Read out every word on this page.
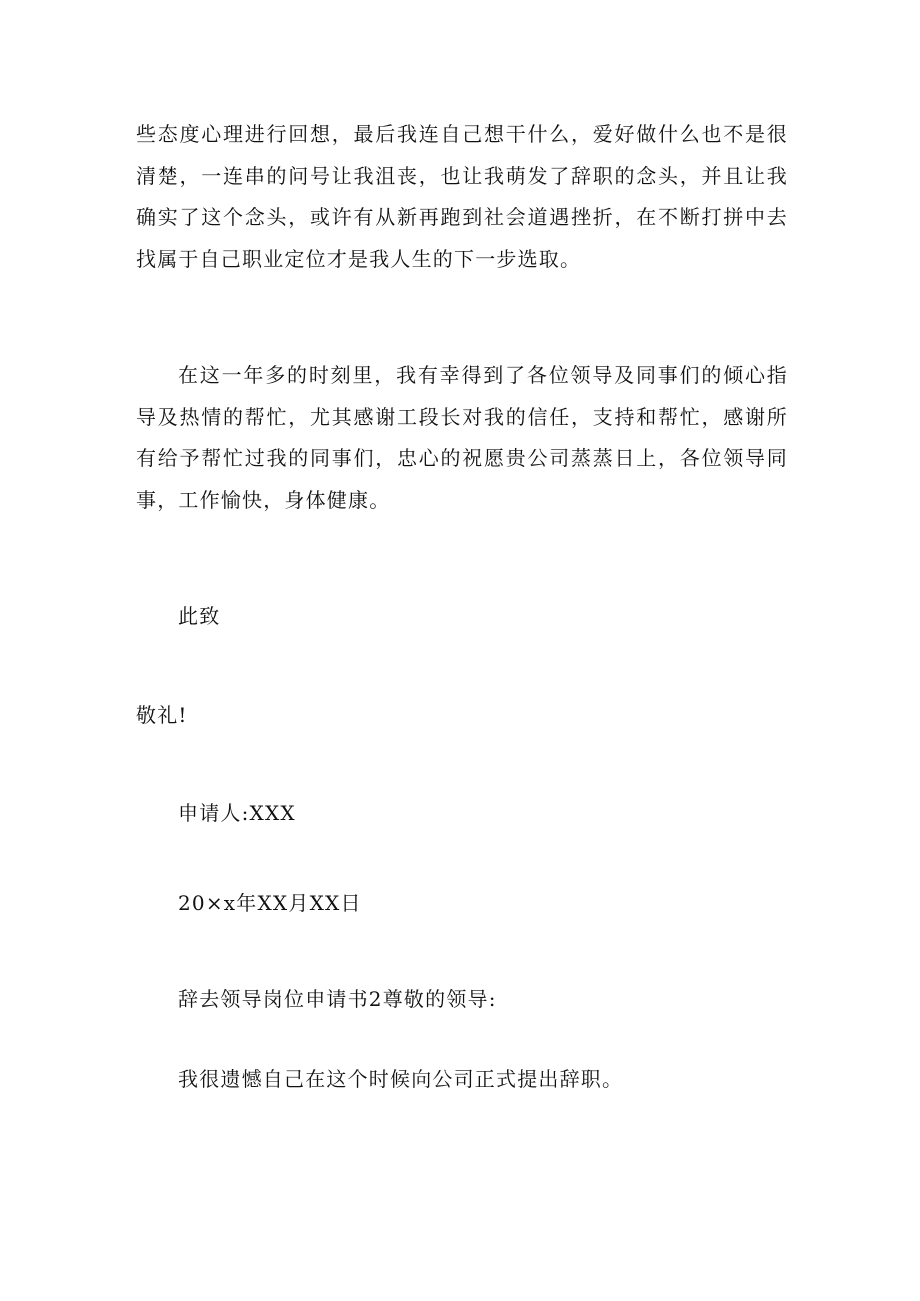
些态度心理进行回想，最后我连自己想干什么，爱好做什么也不是很清楚，一连串的问号让我沮丧，也让我萌发了辞职的念头，并且让我确实了这个念头，或许有从新再跑到社会道遇挫折，在不断打拼中去找属于自己职业定位才是我人生的下一步选取。

在这一年多的时刻里，我有幸得到了各位领导及同事们的倾心指导及热情的帮忙，尤其感谢工段长对我的信任，支持和帮忙，感谢所有给予帮忙过我的同事们，忠心的祝愿贵公司蒸蒸日上，各位领导同事，工作愉快，身体健康。

此致

敬礼!

申请人:XXX

20×x年XX月XX日

辞去领导岗位申请书2尊敬的领导:

我很遗憾自己在这个时候向公司正式提出辞职。
